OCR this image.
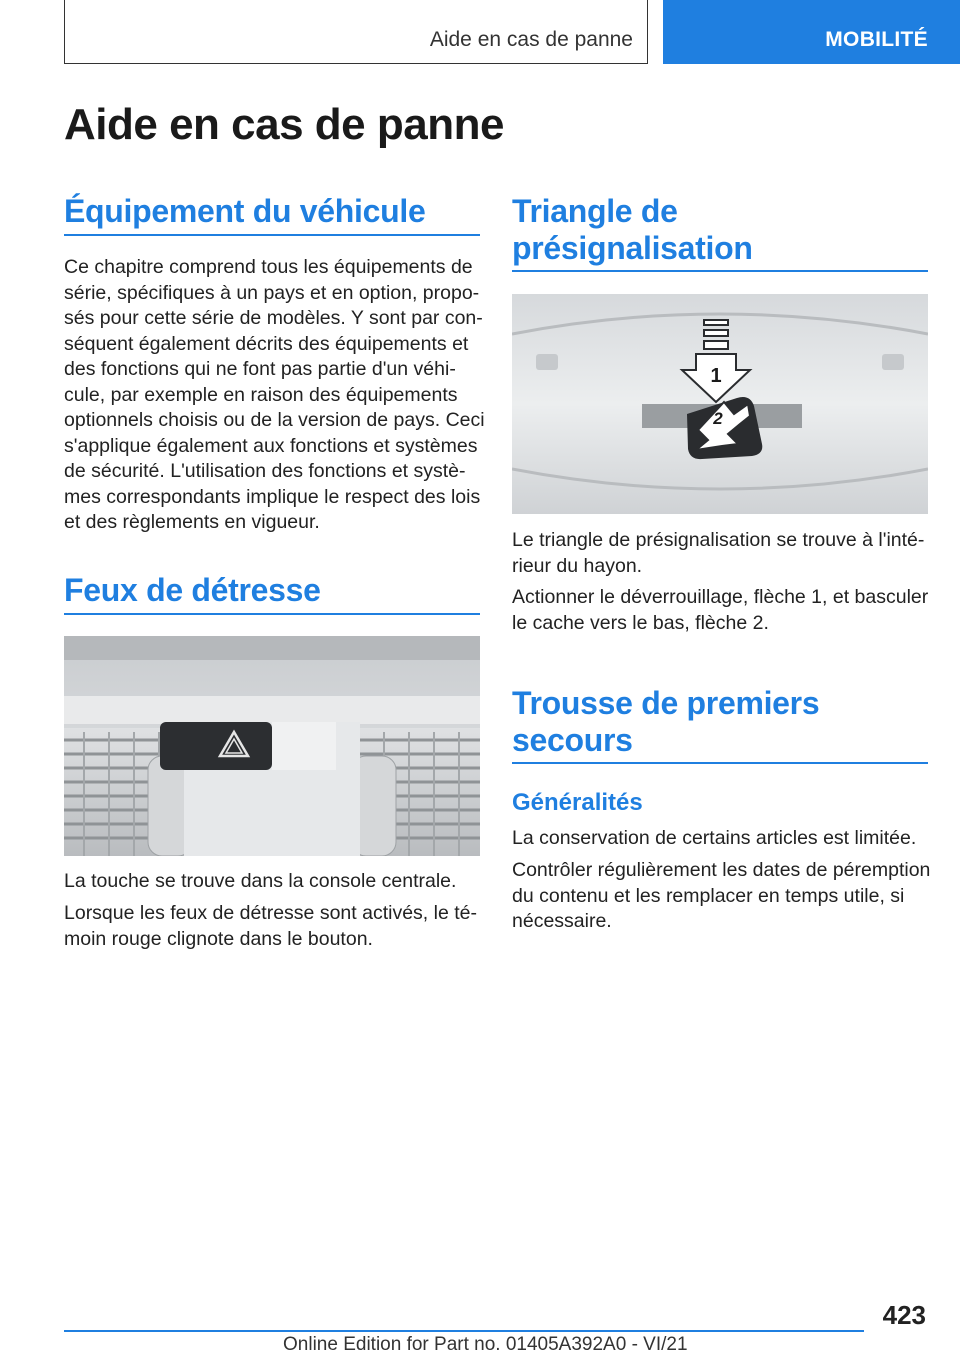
Aide en cas de panne	MOBILITÉ
Aide en cas de panne
Équipement du véhicule

Ce chapitre comprend tous les équipements de
série, spécifiques à un pays et en option, propo‐
sés pour cette série de modèles. Y sont par con‐
séquent également décrits des équipements et
des fonctions qui ne font pas partie d'un véhi‐
cule, par exemple en raison des équipements
optionnels choisis ou de la version de pays. Ceci
s'applique également aux fonctions et systèmes
de sécurité. L'utilisation des fonctions et systè‐
mes correspondants implique le respect des lois
et des règlements en vigueur.

Feux de détresse

La touche se trouve dans la console centrale.

Lorsque les feux de détresse sont activés, le té‐
moin rouge clignote dans le bouton.

Triangle de
présignalisation
1
2

Le triangle de présignalisation se trouve à l'inté‐
rieur du hayon.

Actionner le déverrouillage, flèche 1, et basculer
le cache vers le bas, flèche 2.

Trousse de premiers
secours
Généralités

La conservation de certains articles est limitée.

Contrôler régulièrement les dates de péremption
du contenu et les remplacer en temps utile, si
nécessaire.

423
Online Edition for Part no. 01405A392A0 - VI/21
